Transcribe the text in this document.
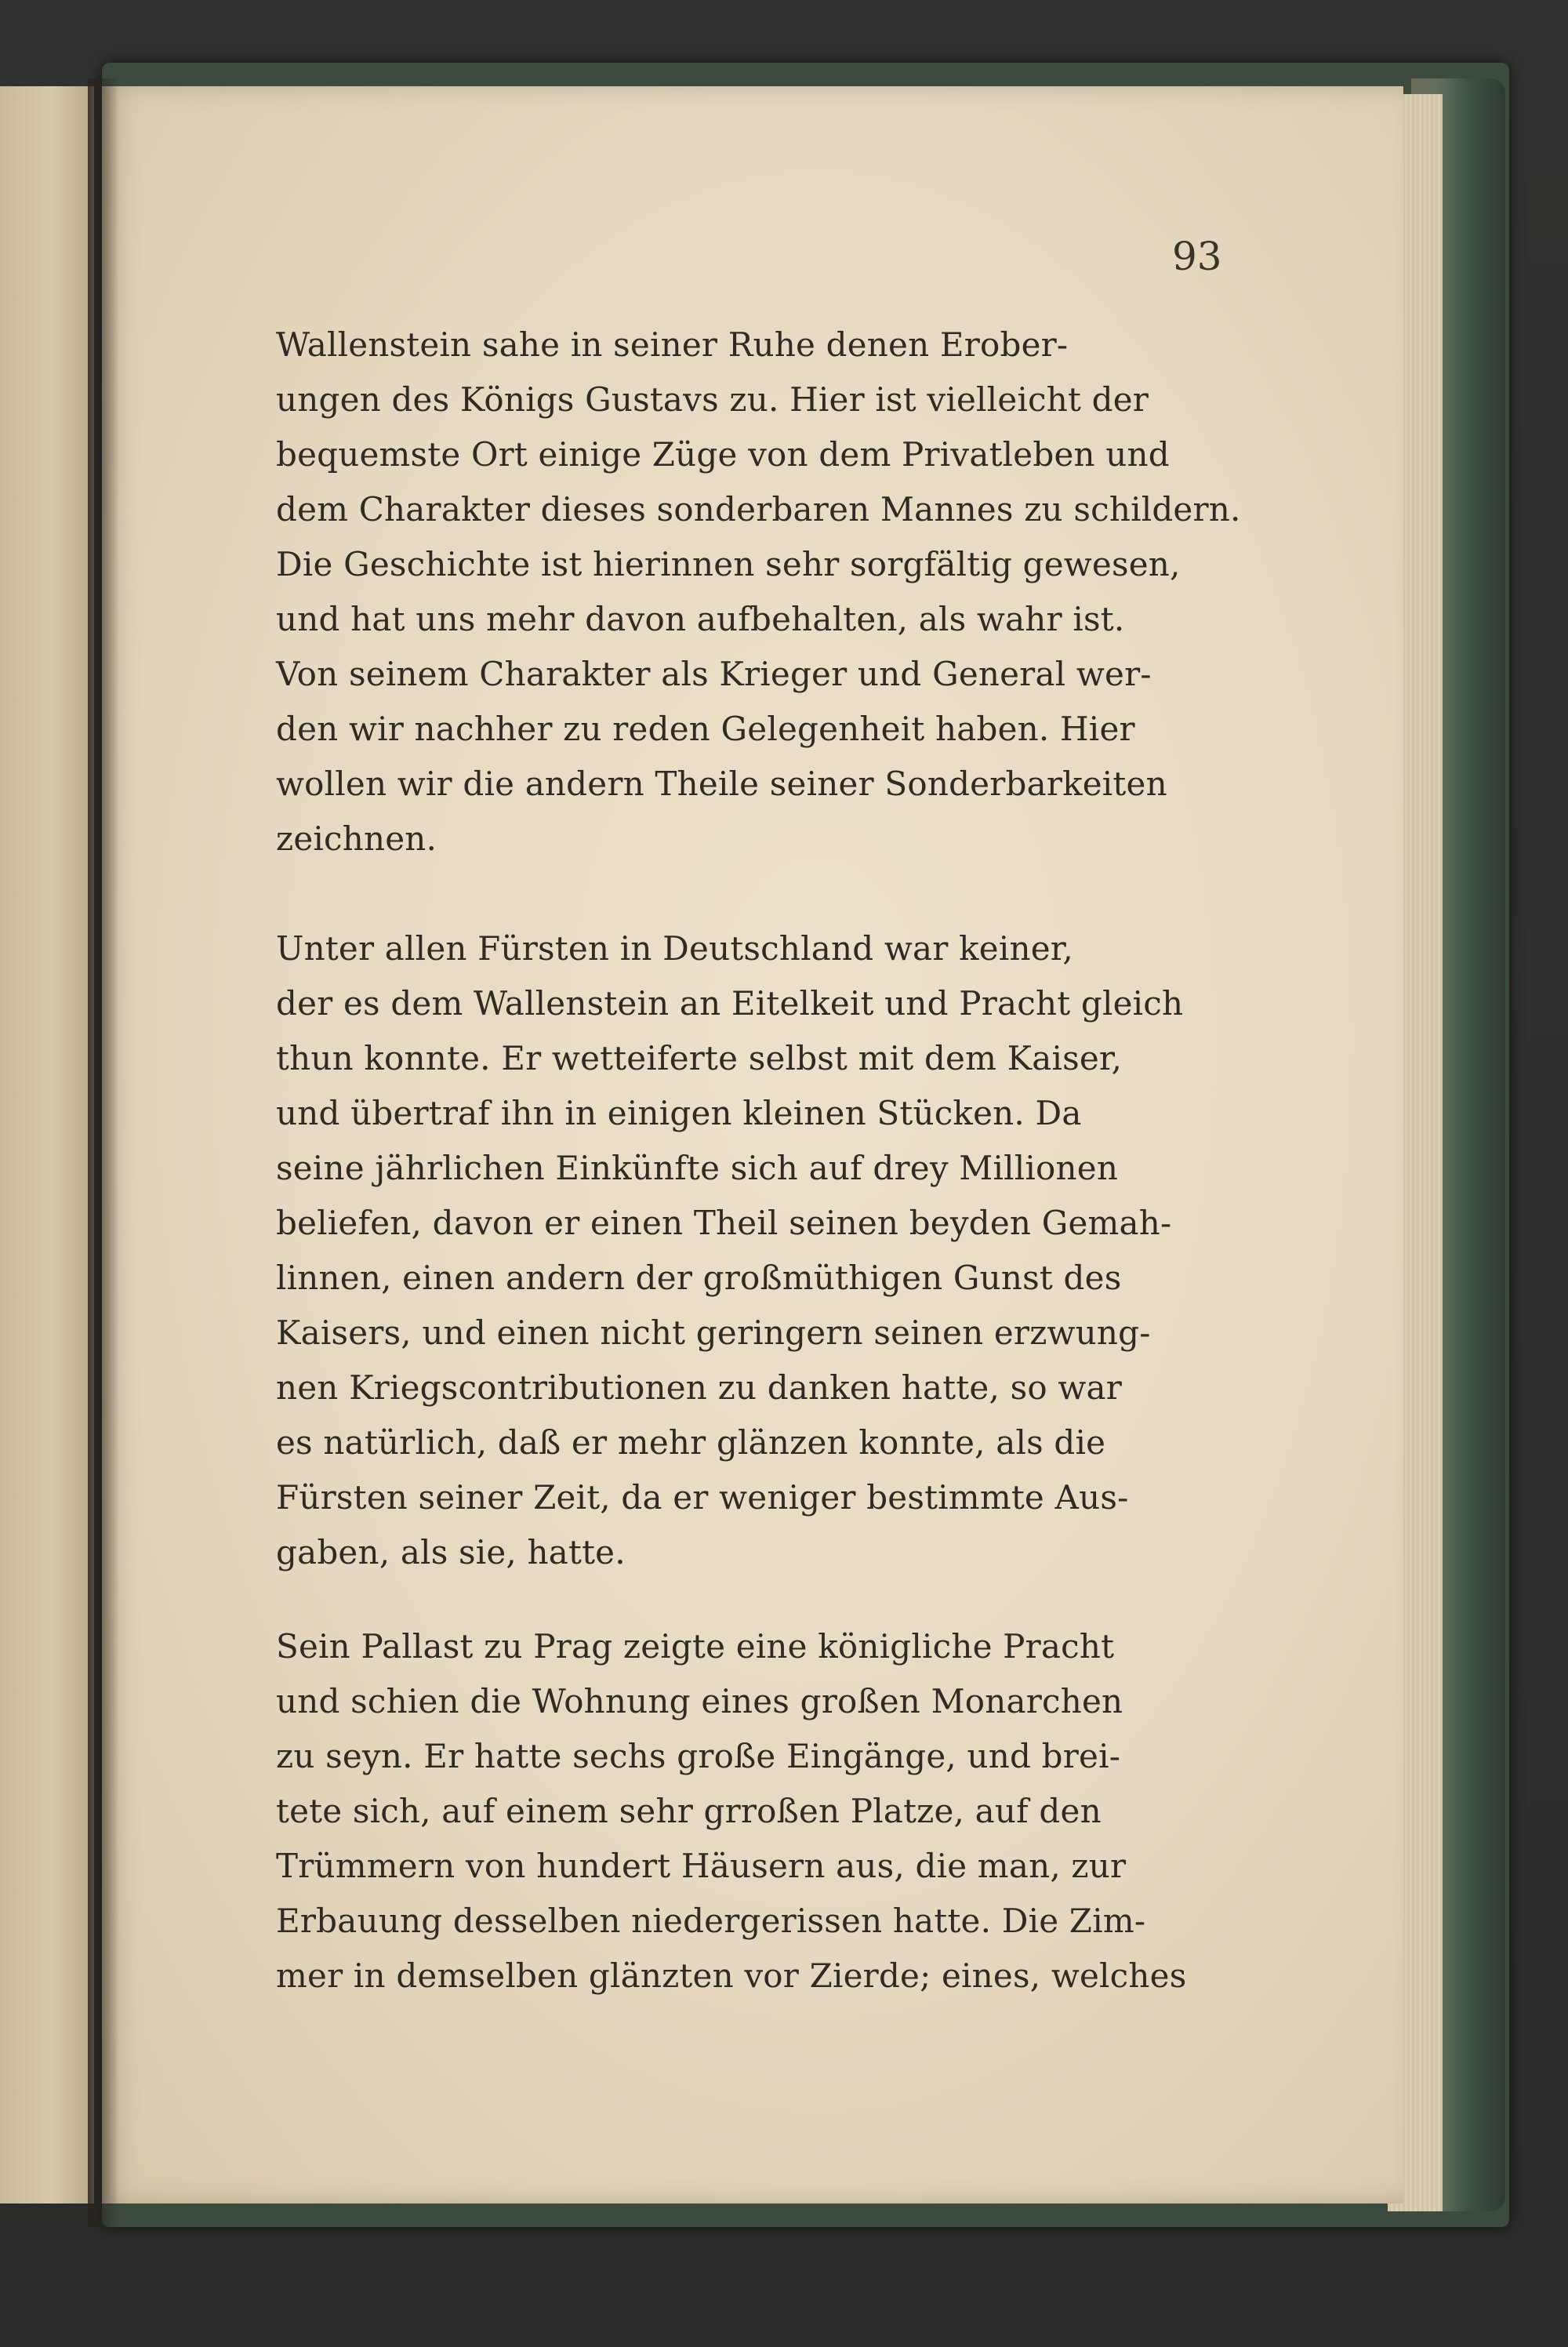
93
Wallenstein sahe in seiner Ruhe denen Erober-
ungen des Königs Gustavs zu. Hier ist vielleicht der
bequemste Ort einige Züge von dem Privatleben und
dem Charakter dieses sonderbaren Mannes zu schildern.
Die Geschichte ist hierinnen sehr sorgfältig gewesen,
und hat uns mehr davon aufbehalten, als wahr ist.
Von seinem Charakter als Krieger und General wer-
den wir nachher zu reden Gelegenheit haben. Hier
wollen wir die andern Theile seiner Sonderbarkeiten
zeichnen.
Unter allen Fürsten in Deutschland war keiner,
der es dem Wallenstein an Eitelkeit und Pracht gleich
thun konnte. Er wetteiferte selbst mit dem Kaiser,
und übertraf ihn in einigen kleinen Stücken. Da
seine jährlichen Einkünfte sich auf drey Millionen
beliefen, davon er einen Theil seinen beyden Gemah-
linnen, einen andern der großmüthigen Gunst des
Kaisers, und einen nicht geringern seinen erzwung-
nen Kriegscontributionen zu danken hatte, so war
es natürlich, daß er mehr glänzen konnte, als die
Fürsten seiner Zeit, da er weniger bestimmte Aus-
gaben, als sie, hatte.
Sein Pallast zu Prag zeigte eine königliche Pracht
und schien die Wohnung eines großen Monarchen
zu seyn. Er hatte sechs große Eingänge, und brei-
tete sich, auf einem sehr grroßen Platze, auf den
Trümmern von hundert Häusern aus, die man, zur
Erbauung desselben niedergerissen hatte. Die Zim-
mer in demselben glänzten vor Zierde; eines, welches
